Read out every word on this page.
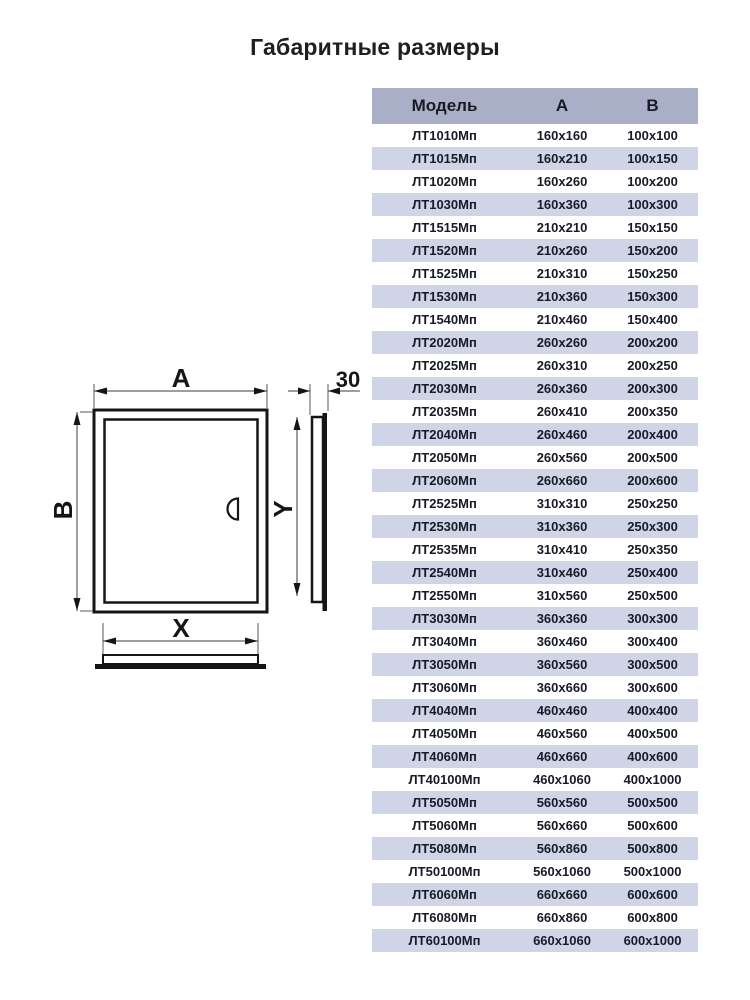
Габаритные размеры
A
B	Y
30
X
Модель	А	В
ЛТ1010Мп	160x160	100x100
ЛТ1015Мп	160x210	100x150
ЛТ1020Мп	160x260	100x200
ЛТ1030Мп	160x360	100x300
ЛТ1515Мп	210x210	150x150
ЛТ1520Мп	210x260	150x200
ЛТ1525Мп	210x310	150x250
ЛТ1530Мп	210x360	150x300
ЛТ1540Мп	210x460	150x400
ЛТ2020Мп	260x260	200x200
ЛТ2025Мп	260x310	200x250
ЛТ2030Мп	260x360	200x300
ЛТ2035Мп	260x410	200x350
ЛТ2040Мп	260x460	200x400
ЛТ2050Мп	260x560	200x500
ЛТ2060Мп	260x660	200x600
ЛТ2525Мп	310x310	250x250
ЛТ2530Мп	310x360	250x300
ЛТ2535Мп	310x410	250x350
ЛТ2540Мп	310x460	250x400
ЛТ2550Мп	310x560	250x500
ЛТ3030Мп	360x360	300x300
ЛТ3040Мп	360x460	300x400
ЛТ3050Мп	360x560	300x500
ЛТ3060Мп	360x660	300x600
ЛТ4040Мп	460x460	400x400
ЛТ4050Мп	460x560	400x500
ЛТ4060Мп	460x660	400x600
ЛТ40100Мп	460x1060	400x1000
ЛТ5050Мп	560x560	500x500
ЛТ5060Мп	560x660	500x600
ЛТ5080Мп	560x860	500x800
ЛТ50100Мп	560x1060	500x1000
ЛТ6060Мп	660x660	600x600
ЛТ6080Мп	660x860	600x800
ЛТ60100Мп	660x1060	600x1000
